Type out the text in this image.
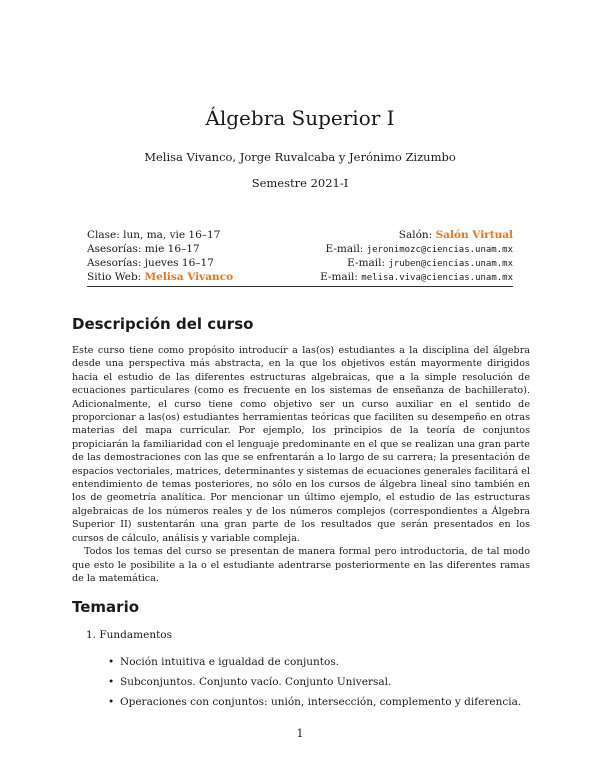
Álgebra Superior I
Melisa Vivanco, Jorge Ruvalcaba y Jerónimo Zizumbo
Semestre 2021-I
Clase: lun, ma, vie 16–17	Salón: Salón Virtual
Asesorías: mie 16–17	E-mail: jeronimozc@ciencias.unam.mx
Asesorías: jueves 16–17	E-mail: jruben@ciencias.unam.mx
Sitio Web: Melisa Vivanco	E-mail: melisa.viva@ciencias.unam.mx
Descripción del curso

Este curso tiene como propósito introducir a las(os) estudiantes a la disciplina del álgebra desde una perspectiva más abstracta, en la que los objetivos están mayormente dirigidos hacia el estudio de las diferentes estructuras algebraicas, que a la simple resolución de ecuaciones particulares (como es frecuente en los sistemas de enseñanza de bachillerato). Adicionalmente, el curso tiene como objetivo ser un curso auxiliar en el sentido de proporcionar a las(os) estudiantes herramientas teóricas que faciliten su desempeño en otras materias del mapa curricular. Por ejemplo, los principios de la teoría de conjuntos propiciarán la familiaridad con el lenguaje predominante en el que se realizan una gran parte de las demostraciones con las que se enfrentarán a lo largo de su carrera; la presentación de espacios vectoriales, matrices, determinantes y sistemas de ecuaciones generales facilitará el entendimiento de temas posteriores, no sólo en los cursos de álgebra lineal sino también en los de geometría analítica. Por mencionar un último ejemplo, el estudio de las estructuras algebraicas de los números reales y de los números complejos (correspondientes a Álgebra Superior II) sustentarán una gran parte de los resultados que serán presentados en los cursos de cálculo, análisis y variable compleja.

Todos los temas del curso se presentan de manera formal pero introductoria, de tal modo que esto le posibilite a la o el estudiante adentrarse posteriormente en las diferentes ramas de la matemática.

Temario
1. Fundamentos
• Noción intuitiva e igualdad de conjuntos.
• Subconjuntos. Conjunto vacío. Conjunto Universal.
• Operaciones con conjuntos: unión, intersección, complemento y diferencia.
1
